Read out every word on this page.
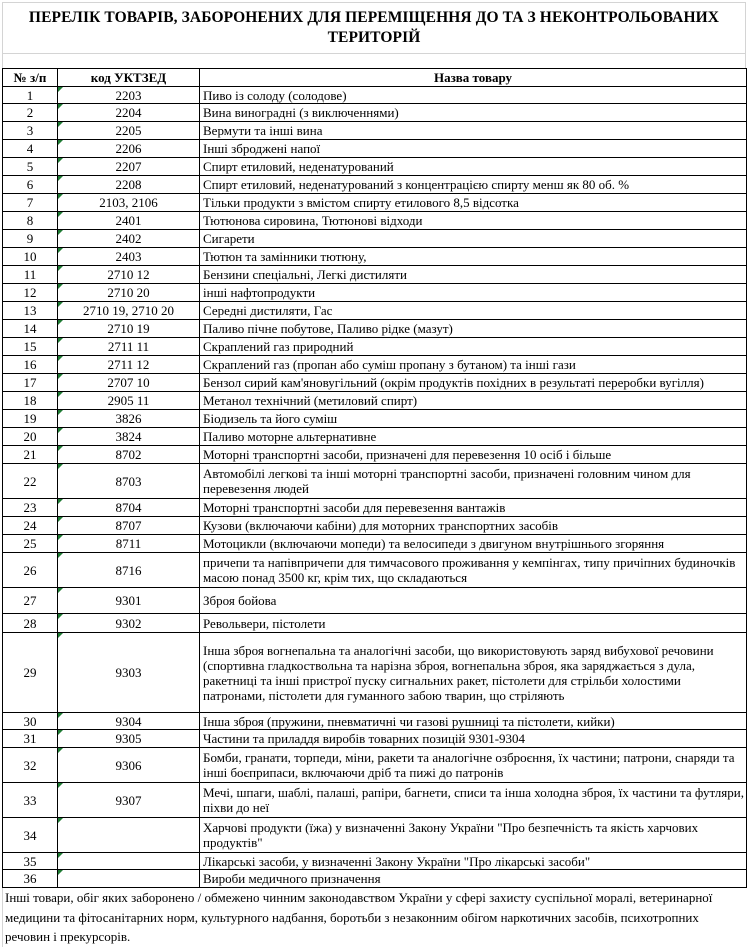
ПЕРЕЛІК ТОВАРІВ, ЗАБОРОНЕНИХ ДЛЯ ПЕРЕМІЩЕННЯ ДО ТА З НЕКОНТРОЛЬОВАНИХ ТЕРИТОРІЙ
№ з/п	код УКТЗЕД	Назва товару
1	2203	Пиво із солоду (солодове)
2	2204	Вина виноградні (з виключеннями)
3	2205	Вермути та інші вина
4	2206	Інші зброджені напої
5	2207	Спирт етиловий, неденатурований
6	2208	Спирт етиловий, неденатурований з концентрацією спирту менш як 80 об. %
7	2103, 2106	Тільки продукти з вмістом спирту етилового 8,5 відсотка
8	2401	Тютюнова сировина, Тютюнові відходи
9	2402	Сигарети
10	2403	Тютюн та замінники тютюну,
11	2710 12	Бензини спеціальні, Легкі дистиляти
12	2710 20	інші нафтопродукти
13	2710 19, 2710 20	Середні дистиляти, Гас
14	2710 19	Паливо пічне побутове, Паливо рідке (мазут)
15	2711 11	Скраплений газ природний
16	2711 12	Скраплений газ (пропан або суміш пропану з бутаном) та інші гази
17	2707 10	Бензол сирий кам'яновугільний (окрім продуктів похідних в результаті переробки вугілля)
18	2905 11	Метанол технічний (метиловий спирт)
19	3826	Біодизель та його суміш
20	3824	Паливо моторне альтернативне
21	8702	Моторні транспортні засоби, призначені для перевезення 10 осіб і більше
22	8703	Автомобілі легкові та інші моторні транспортні засоби, призначені головним чином для перевезення людей
23	8704	Моторні транспортні засоби для перевезення вантажів
24	8707	Кузови (включаючи кабіни) для моторних транспортних засобів
25	8711	Мотоцикли (включаючи мопеди) та велосипеди з двигуном внутрішнього згоряння
26	8716	причепи та напівпричепи для тимчасового проживання у кемпінгах, типу причіпних будиночків масою понад 3500 кг, крім тих, що складаються
27	9301	Зброя бойова
28	9302	Револьвери, пістолети
29	9303	Інша зброя вогнепальна та аналогічні засоби, що використовують заряд вибухової речовини (спортивна гладкоствольна та нарізна зброя, вогнепальна зброя, яка заряджається з дула, ракетниці та інші пристрої пуску сигнальних ракет, пістолети для стрільби холостими патронами, пістолети для гуманного забою тварин, що стріляють
30	9304	Інша зброя (пружини, пневматичні чи газові рушниці та пістолети, кийки)
31	9305	Частини та приладдя виробів товарних позицій 9301-9304
32	9306	Бомби, гранати, торпеди, міни, ракети та аналогічне озброєння, їх частини; патрони, снаряди та інші боєприпаси, включаючи дріб та пижі до патронів
33	9307	Мечі, шпаги, шаблі, палаші, рапіри, багнети, списи та інша холодна зброя, їх частини та футляри, піхви до неї
34		Харчові продукти (їжа) у визначенні Закону України "Про безпечність та якість харчових продуктів"
35		Лікарські засоби, у визначенні Закону України "Про лікарські засоби"
36		Вироби медичного призначення
Інші товари, обіг яких заборонено / обмежено чинним законодавством України у сфері захисту суспільної моралі, ветеринарної медицини та фітосанітарних норм, культурного надбання, боротьби з незаконним обігом наркотичних засобів, психотропних речовин і прекурсорів.
